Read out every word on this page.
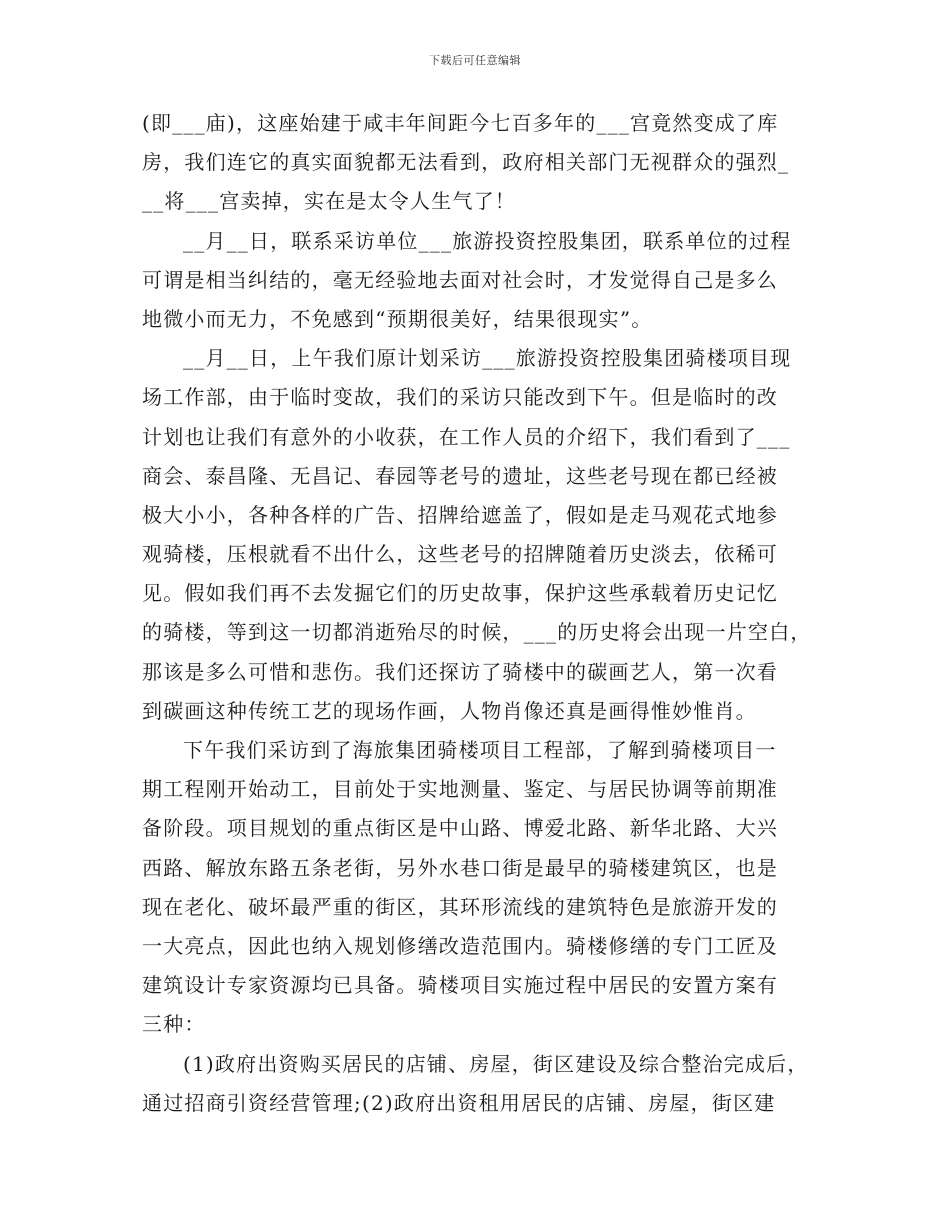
下载后可任意编辑
(即___庙)，这座始建于咸丰年间距今七百多年的___宫竟然变成了库
房，我们连它的真实面貌都无法看到，政府相关部门无视群众的强烈_
__将___宫卖掉，实在是太令人生气了！
__月__日，联系采访单位___旅游投资控股集团，联系单位的过程
可谓是相当纠结的，毫无经验地去面对社会时，才发觉得自己是多么
地微小而无力，不免感到“预期很美好，结果很现实”。
__月__日，上午我们原计划采访___旅游投资控股集团骑楼项目现
场工作部，由于临时变故，我们的采访只能改到下午。但是临时的改
计划也让我们有意外的小收获，在工作人员的介绍下，我们看到了___
商会、泰昌隆、无昌记、春园等老号的遗址，这些老号现在都已经被
极大小小，各种各样的广告、招牌给遮盖了，假如是走马观花式地参
观骑楼，压根就看不出什么，这些老号的招牌随着历史淡去，依稀可
见。假如我们再不去发掘它们的历史故事，保护这些承载着历史记忆
的骑楼，等到这一切都消逝殆尽的时候，___的历史将会出现一片空白，
那该是多么可惜和悲伤。我们还探访了骑楼中的碳画艺人，第一次看
到碳画这种传统工艺的现场作画，人物肖像还真是画得惟妙惟肖。
下午我们采访到了海旅集团骑楼项目工程部，了解到骑楼项目一
期工程刚开始动工，目前处于实地测量、鉴定、与居民协调等前期准
备阶段。项目规划的重点街区是中山路、博爱北路、新华北路、大兴
西路、解放东路五条老街，另外水巷口街是最早的骑楼建筑区，也是
现在老化、破坏最严重的街区，其环形流线的建筑特色是旅游开发的
一大亮点，因此也纳入规划修缮改造范围内。骑楼修缮的专门工匠及
建筑设计专家资源均已具备。骑楼项目实施过程中居民的安置方案有
三种：
(1)政府出资购买居民的店铺、房屋，街区建设及综合整治完成后，
通过招商引资经营管理;(2)政府出资租用居民的店铺、房屋，街区建
